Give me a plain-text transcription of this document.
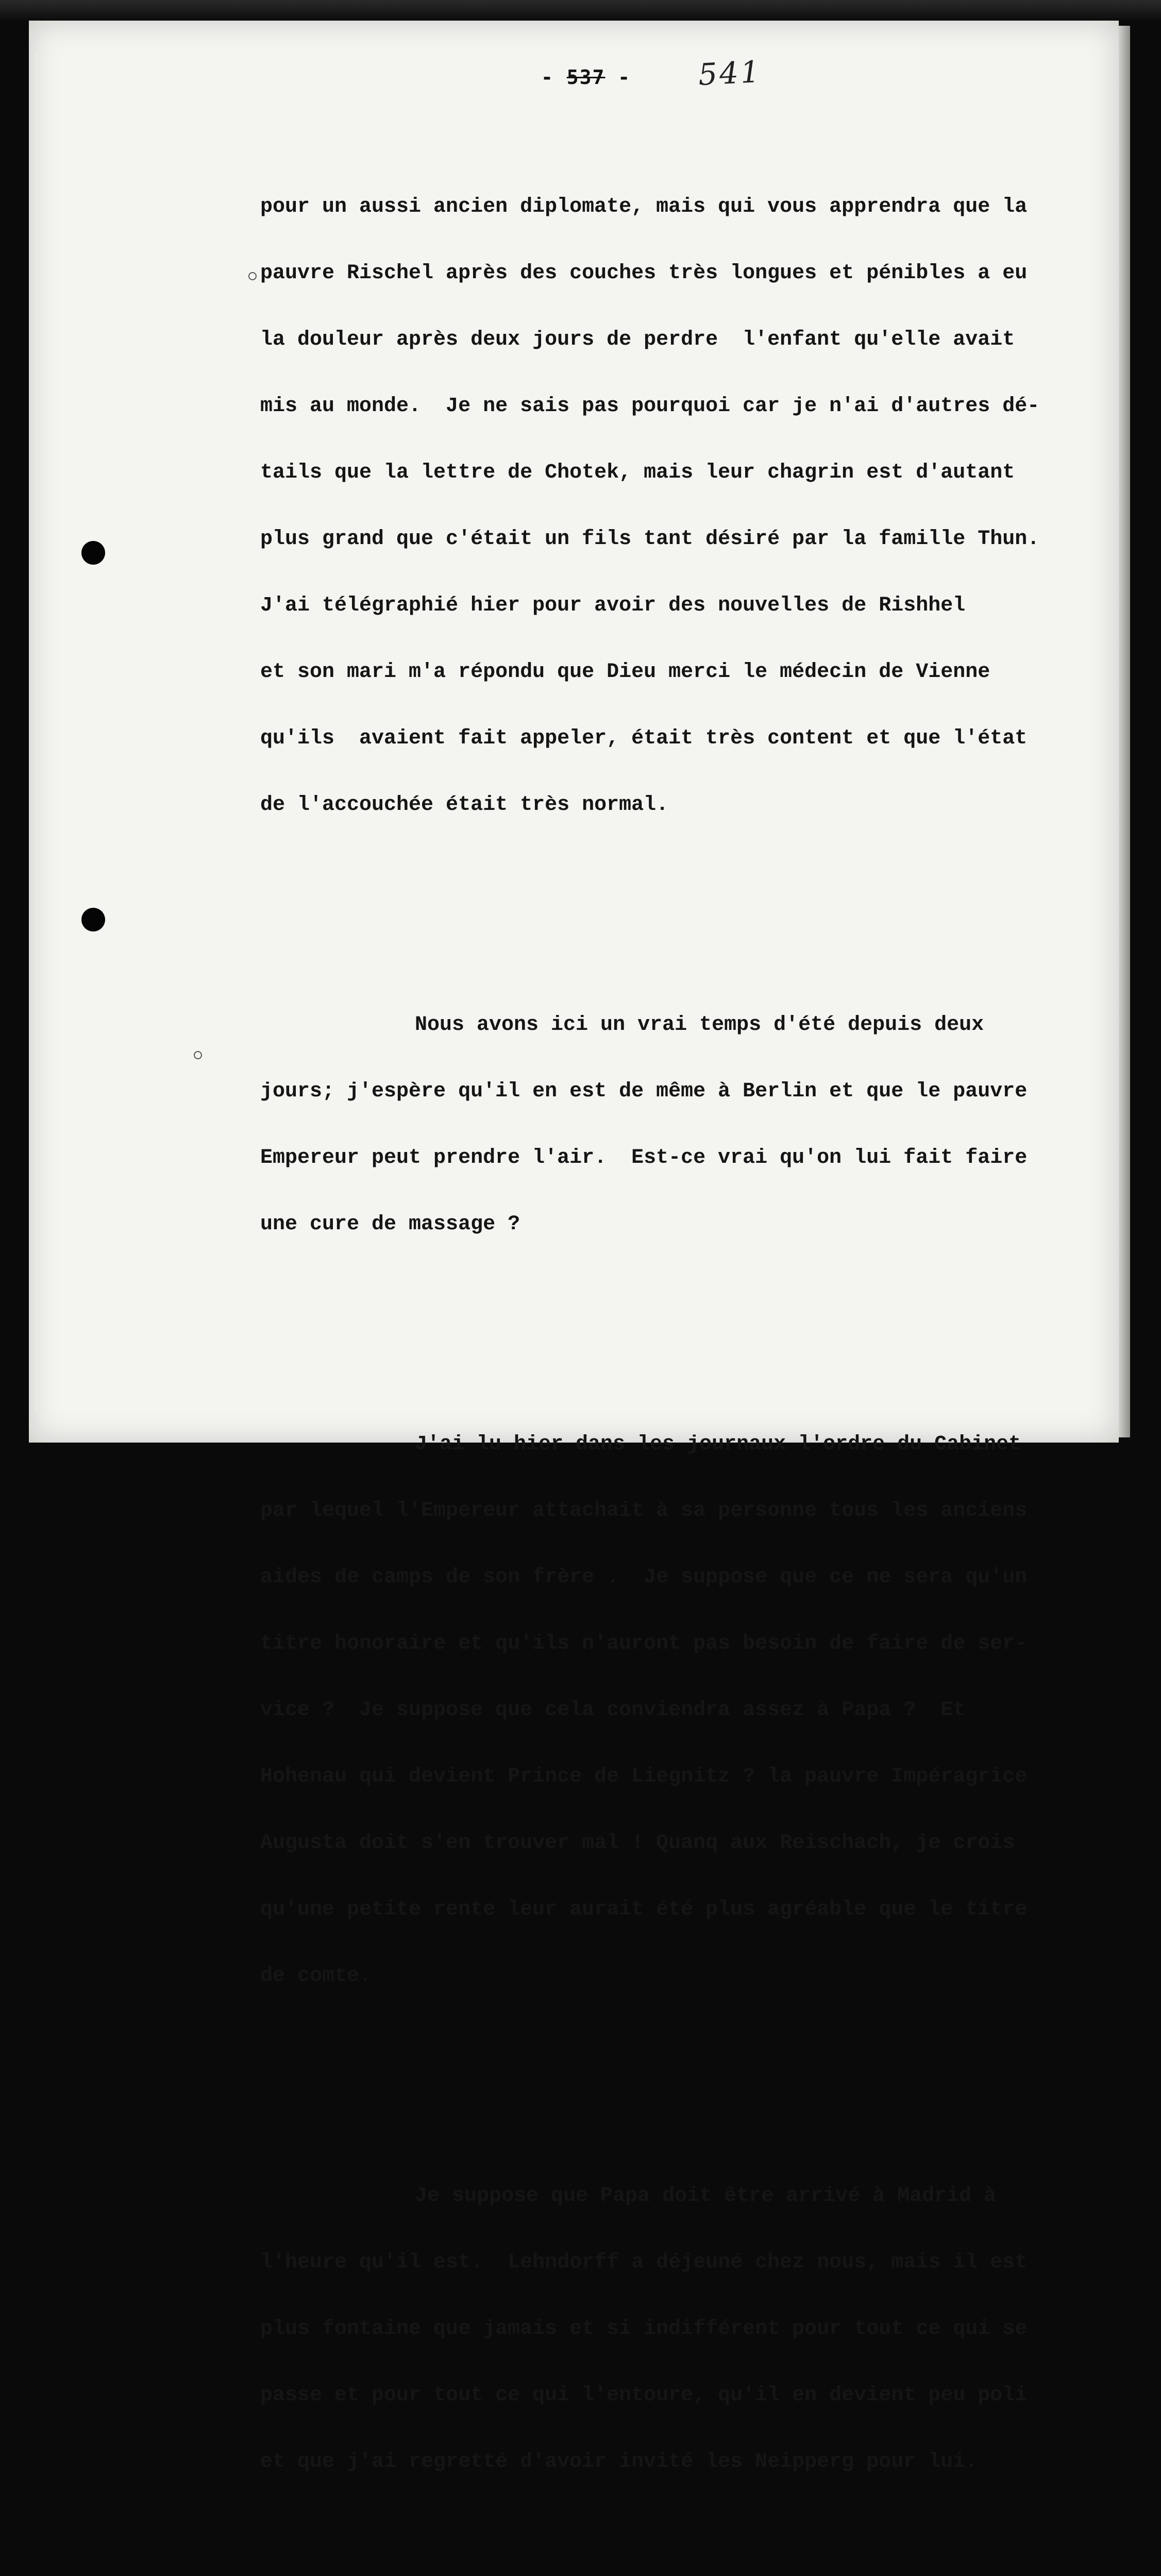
- 537 - 541

pour un aussi ancien diplomate, mais qui vous apprendra que la

pauvre Rischel après des couches très longues et pénibles a eu

la douleur après deux jours de perdre  l'enfant qu'elle avait

mis au monde.  Je ne sais pas pourquoi car je n'ai d'autres dé-

tails que la lettre de Chotek, mais leur chagrin est d'autant

plus grand que c'était un fils tant désiré par la famille Thun.

J'ai télégraphié hier pour avoir des nouvelles de Rishhel

et son mari m'a répondu que Dieu merci le médecin de Vienne

qu'ils  avaient fait appeler, était très content et que l'état

de l'accouchée était très normal.

Nous avons ici un vrai temps d'été depuis deux

jours; j'espère qu'il en est de même à Berlin et que le pauvre

Empereur peut prendre l'air.  Est-ce vrai qu'on lui fait faire

une cure de massage ?

J'ai lu hier dans les journaux l'ordre du Cabinet

par lequel l'Empereur attachait à sa personne tous les anciens

aides de camps de son frère .  Je suppose que ce ne sera qu'un

titre honoraire et qu'ils n'auront pas besoin de faire de ser-

vice ?  Je suppose que cela conviendra assez à Papa ?  Et

Hohenau qui devient Prince de Liegnitz ? la pauvre Impéragrice

Augusta doit s'en trouver mal ! Quanq aux Reischach, je crois

qu'une petite rente leur aurait été plus agréable que le titre

de comte.

Je suppose que Papa doit être arrivé à Madrid à

l'heure qu'il est.  Lehndorff a déjeuné chez nous, mais il est

plus fontaine que jamais et si indifférent pour tout ce qui se

passe et pour tout ce qui l'entoure, qu'il en devient peu poli

et que j'ai regretté d'avoir invité les Neipperg pour lui.
